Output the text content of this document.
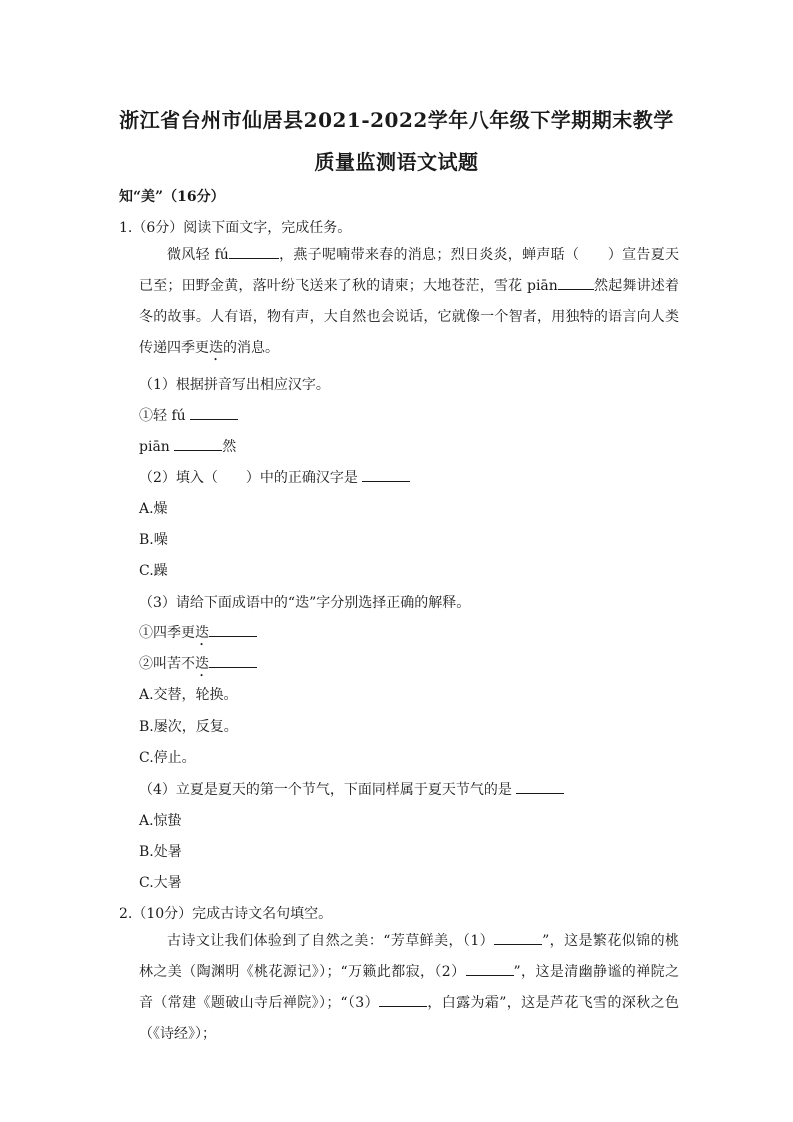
浙江省台州市仙居县2021-2022学年八年级下学期期末教学
质量监测语文试题
知“美”（16分）
1.（6分）阅读下面文字，完成任务。
微风轻 fú	，燕子呢喃带来春的消息；烈日炎炎，蝉声聒（　　）宣告夏天已至；田野金黄，落叶纷飞送来了秋的请柬；大地苍茫，雪花 piān	然起舞讲述着冬的故事。人有语，物有声，大自然也会说话，它就像一个智者，用独特的语言向人类传递四季更迭的消息。
（1）根据拼音写出相应汉字。
①轻 fú
piān	然
（2）填入（　　）中的正确汉字是
A.燥
B.噪
C.躁
（3）请给下面成语中的“迭”字分别选择正确的解释。
①四季更迭
②叫苦不迭
A.交替，轮换。
B.屡次，反复。
C.停止。
（4）立夏是夏天的第一个节气，下面同样属于夏天节气的是
A.惊蛰
B.处暑
C.大暑
2.（10分）完成古诗文名句填空。
古诗文让我们体验到了自然之美：“芳草鲜美，（1）	”，这是繁花似锦的桃林之美（陶渊明《桃花源记》）；“万籁此都寂，（2）	”，这是清幽静谧的禅院之音（常建《题破山寺后禅院》）；“（3）	，白露为霜”，这是芦花飞雪的深秋之色（《诗经》）；
